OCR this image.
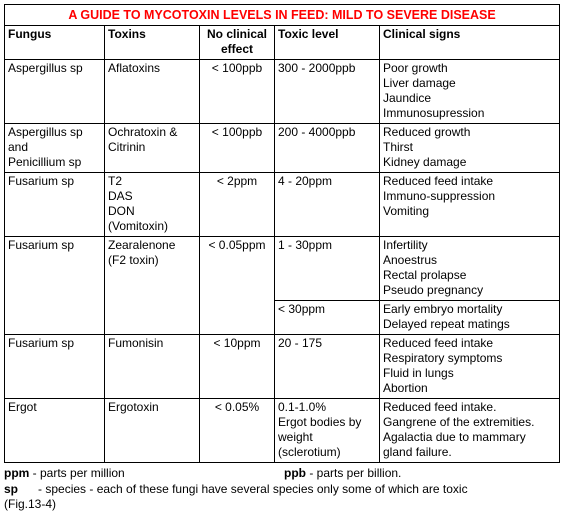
A GUIDE TO MYCOTOXIN LEVELS IN FEED: MILD TO SEVERE DISEASE				
Fungus	Toxins	No clinical effect	Toxic level	Clinical signs

Aspergillus sp	Aflatoxins	< 100ppb	300 - 2000ppb	Poor growth
Liver damage
Jaundice
Immunosupression

Aspergillus sp
and
Penicillium sp	Ochratoxin &
Citrinin	< 100ppb	200 - 4000ppb	Reduced growth
Thirst
Kidney damage

Fusarium sp	T2
DAS
DON
(Vomitoxin)	< 2ppm	4 - 20ppm	Reduced feed intake
Immuno-suppression
Vomiting

Fusarium sp	Zearalenone
(F2 toxin)	< 0.05ppm	1 - 30ppm	Infertility
Anoestrus
Rectal prolapse
Pseudo pregnancy

			< 30ppm	Early embryo mortality
Delayed repeat matings

Fusarium sp	Fumonisin	< 10ppm	20 - 175	Reduced feed intake
Respiratory symptoms
Fluid in lungs
Abortion

Ergot	Ergotoxin	< 0.05%	0.1-1.0%
Ergot bodies by
weight
(sclerotium)	Reduced feed intake.
Gangrene of the extremities.
Agalactia due to mammary
gland failure.
ppm - parts per million	ppb - parts per billion.
sp      - species - each of these fungi have several species only some of which are toxic
(Fig.13-4)
